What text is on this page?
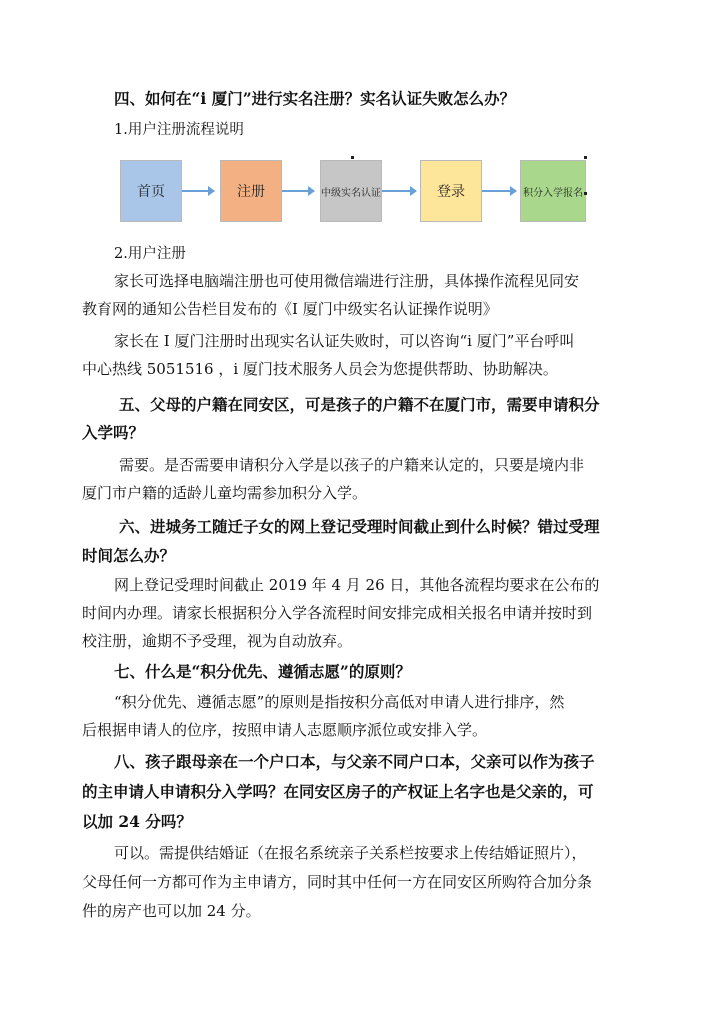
四、如何在“i 厦门”进行实名注册？实名认证失败怎么办？
1.用户注册流程说明
首页	注册	中级实名认证	登录	积分入学报名
2.用户注册
家长可选择电脑端注册也可使用微信端进行注册，具体操作流程见同安
教育网的通知公告栏目发布的《I 厦门中级实名认证操作说明》
家长在 I 厦门注册时出现实名认证失败时，可以咨询“i 厦门”平台呼叫
中心热线 5051516 ，i 厦门技术服务人员会为您提供帮助、协助解决。
五、父母的户籍在同安区，可是孩子的户籍不在厦门市，需要申请积分
入学吗？
需要。是否需要申请积分入学是以孩子的户籍来认定的，只要是境内非
厦门市户籍的适龄儿童均需参加积分入学。
六、进城务工随迁子女的网上登记受理时间截止到什么时候？错过受理
时间怎么办？
网上登记受理时间截止 2019 年 4 月 26 日，其他各流程均要求在公布的
时间内办理。请家长根据积分入学各流程时间安排完成相关报名申请并按时到
校注册，逾期不予受理，视为自动放弃。
七、什么是“积分优先、遵循志愿”的原则？
“积分优先、遵循志愿”的原则是指按积分高低对申请人进行排序，然
后根据申请人的位序，按照申请人志愿顺序派位或安排入学。
八、孩子跟母亲在一个户口本，与父亲不同户口本，父亲可以作为孩子
的主申请人申请积分入学吗？在同安区房子的产权证上名字也是父亲的，可
以加 24 分吗？
可以。需提供结婚证（在报名系统亲子关系栏按要求上传结婚证照片），
父母任何一方都可作为主申请方，同时其中任何一方在同安区所购符合加分条
件的房产也可以加 24 分。
